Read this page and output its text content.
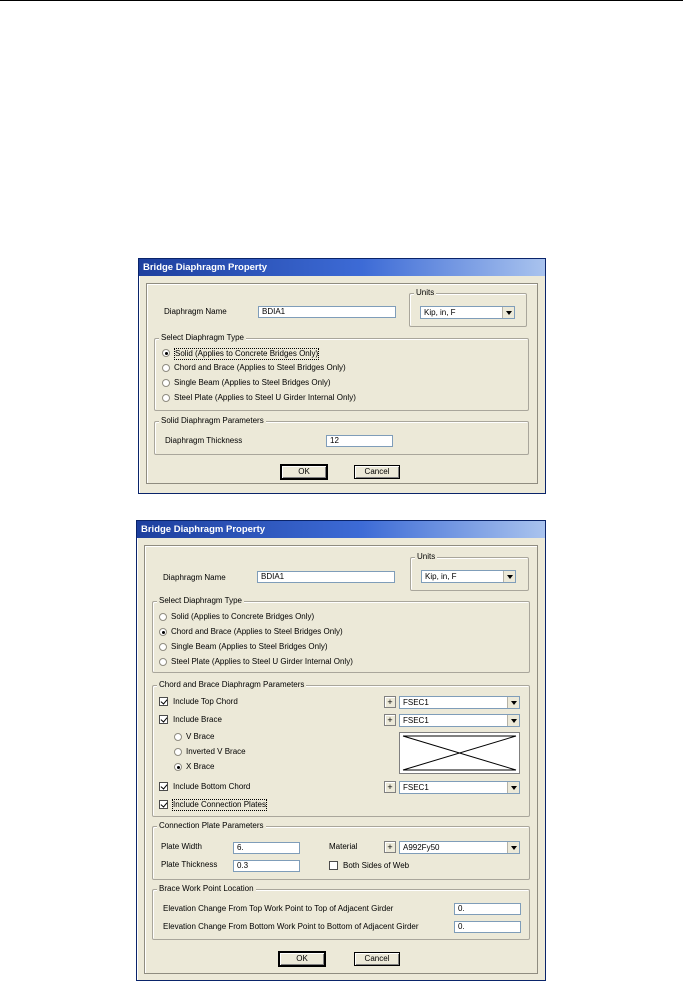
Bridge Diaphragm Property
Diaphragm Name	BDIA1
Units
Kip, in, F
Select Diaphragm Type
Solid (Applies to Concrete Bridges Only)
Chord and Brace (Applies to Steel Bridges Only)
Single Beam (Applies to Steel Bridges Only)
Steel Plate (Applies to Steel U Girder Internal Only)
Solid Diaphragm Parameters
Diaphragm Thickness	12
OK	Cancel
Bridge Diaphragm Property
Diaphragm Name	BDIA1
Units
Kip, in, F
Select Diaphragm Type
Solid (Applies to Concrete Bridges Only)
Chord and Brace (Applies to Steel Bridges Only)
Single Beam (Applies to Steel Bridges Only)
Steel Plate (Applies to Steel U Girder Internal Only)
Chord and Brace Diaphragm Parameters
Include Top Chord	+	FSEC1
Include Brace	+	FSEC1
V Brace
Inverted V Brace
X Brace
Include Bottom Chord	+	FSEC1
Include Connection Plates
Connection Plate Parameters
Plate Width	6.
Plate Thickness	0.3
Material	+	A992Fy50
Both Sides of Web
Brace Work Point Location
Elevation Change From Top Work Point to Top of Adjacent Girder	0.
Elevation Change From Bottom Work Point to Bottom of Adjacent Girder	0.
OK	Cancel
